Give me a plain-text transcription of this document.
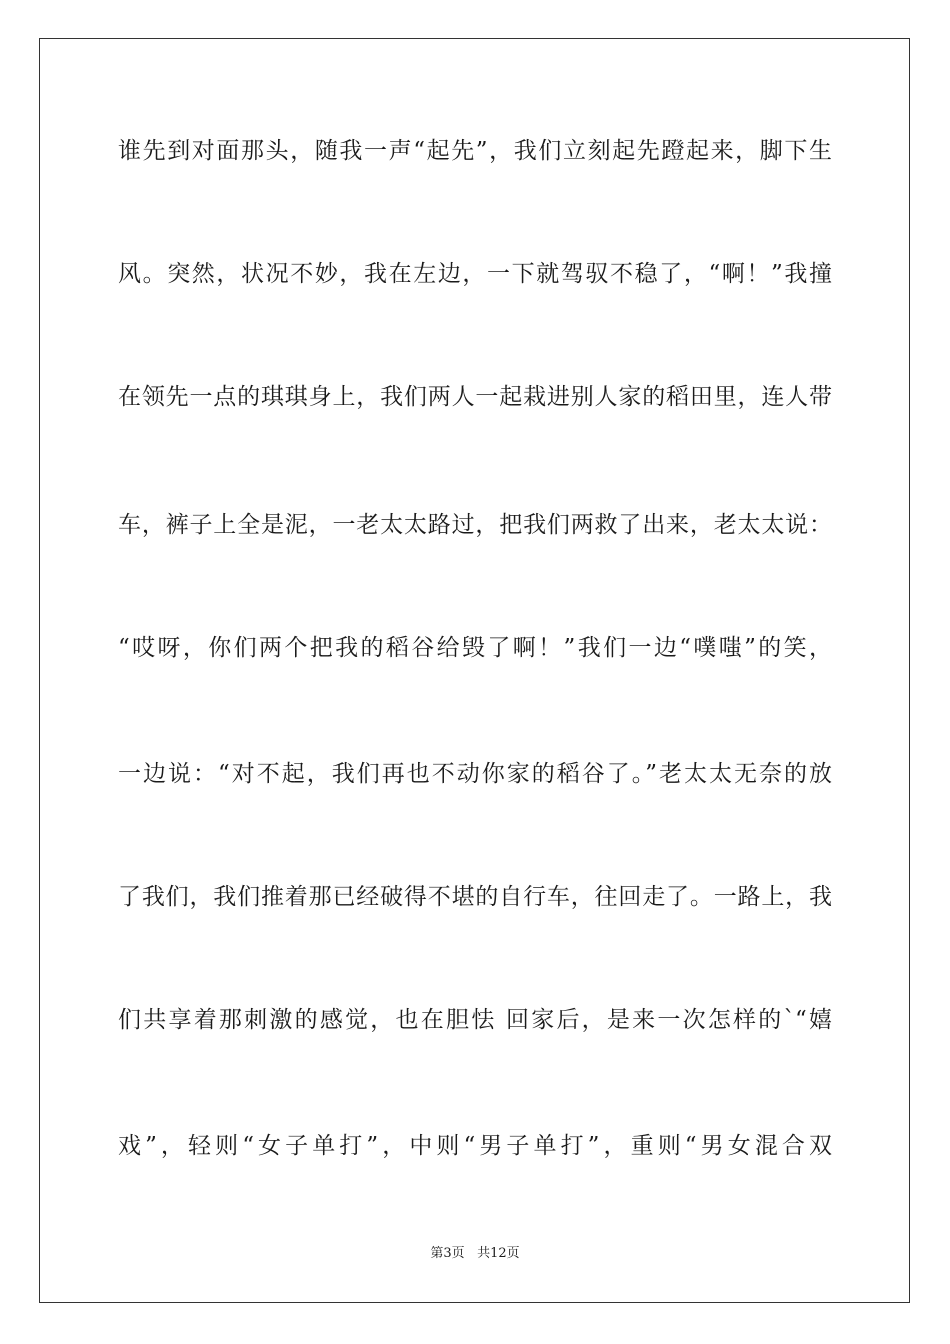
谁先到对面那头，随我一声“起先”，我们立刻起先蹬起来，脚下生
风。突然，状况不妙，我在左边，一下就驾驭不稳了，“啊！”我撞
在领先一点的琪琪身上，我们两人一起栽进别人家的稻田里，连人带
车，裤子上全是泥，一老太太路过，把我们两救了出来，老太太说：
“哎呀，你们两个把我的稻谷给毁了啊！”我们一边“噗嗤”的笑，
一边说：“对不起，我们再也不动你家的稻谷了。”老太太无奈的放
了我们，我们推着那已经破得不堪的自行车，往回走了。一路上，我
们共享着那刺激的感觉，也在胆怯 回家后，是来一次怎样的`“嬉
戏”，轻则“女子单打”，中则“男子单打”，重则“男女混合双
第3页 共12页
